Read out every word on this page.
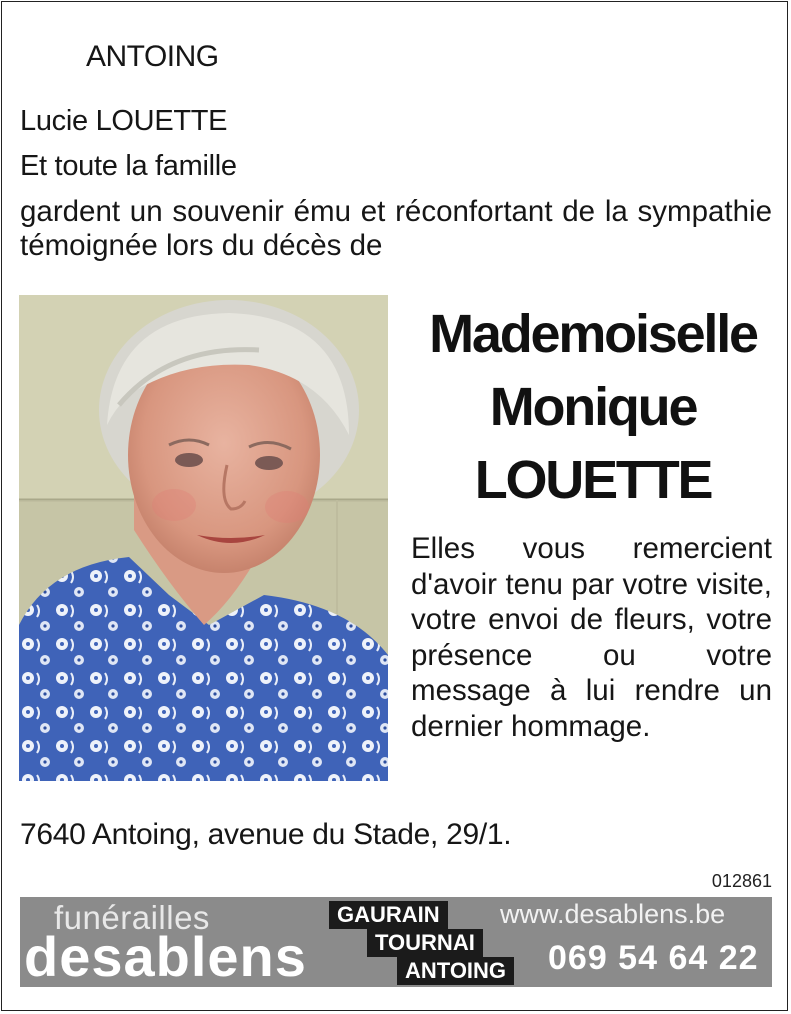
ANTOING
Lucie LOUETTE
Et toute la famille
gardent un souvenir ému et réconfortant de la sympathie témoignée lors du décès de
Mademoiselle
Monique
LOUETTE
Elles vous remercient d'avoir tenu par votre visite, votre envoi de fleurs, votre présence ou votre message à lui rendre un dernier hommage.
7640 Antoing, avenue du Stade, 29/1.
012861
funérailles
desablens
GAURAIN
TOURNAI
ANTOING
www.desablens.be
069 54 64 22
